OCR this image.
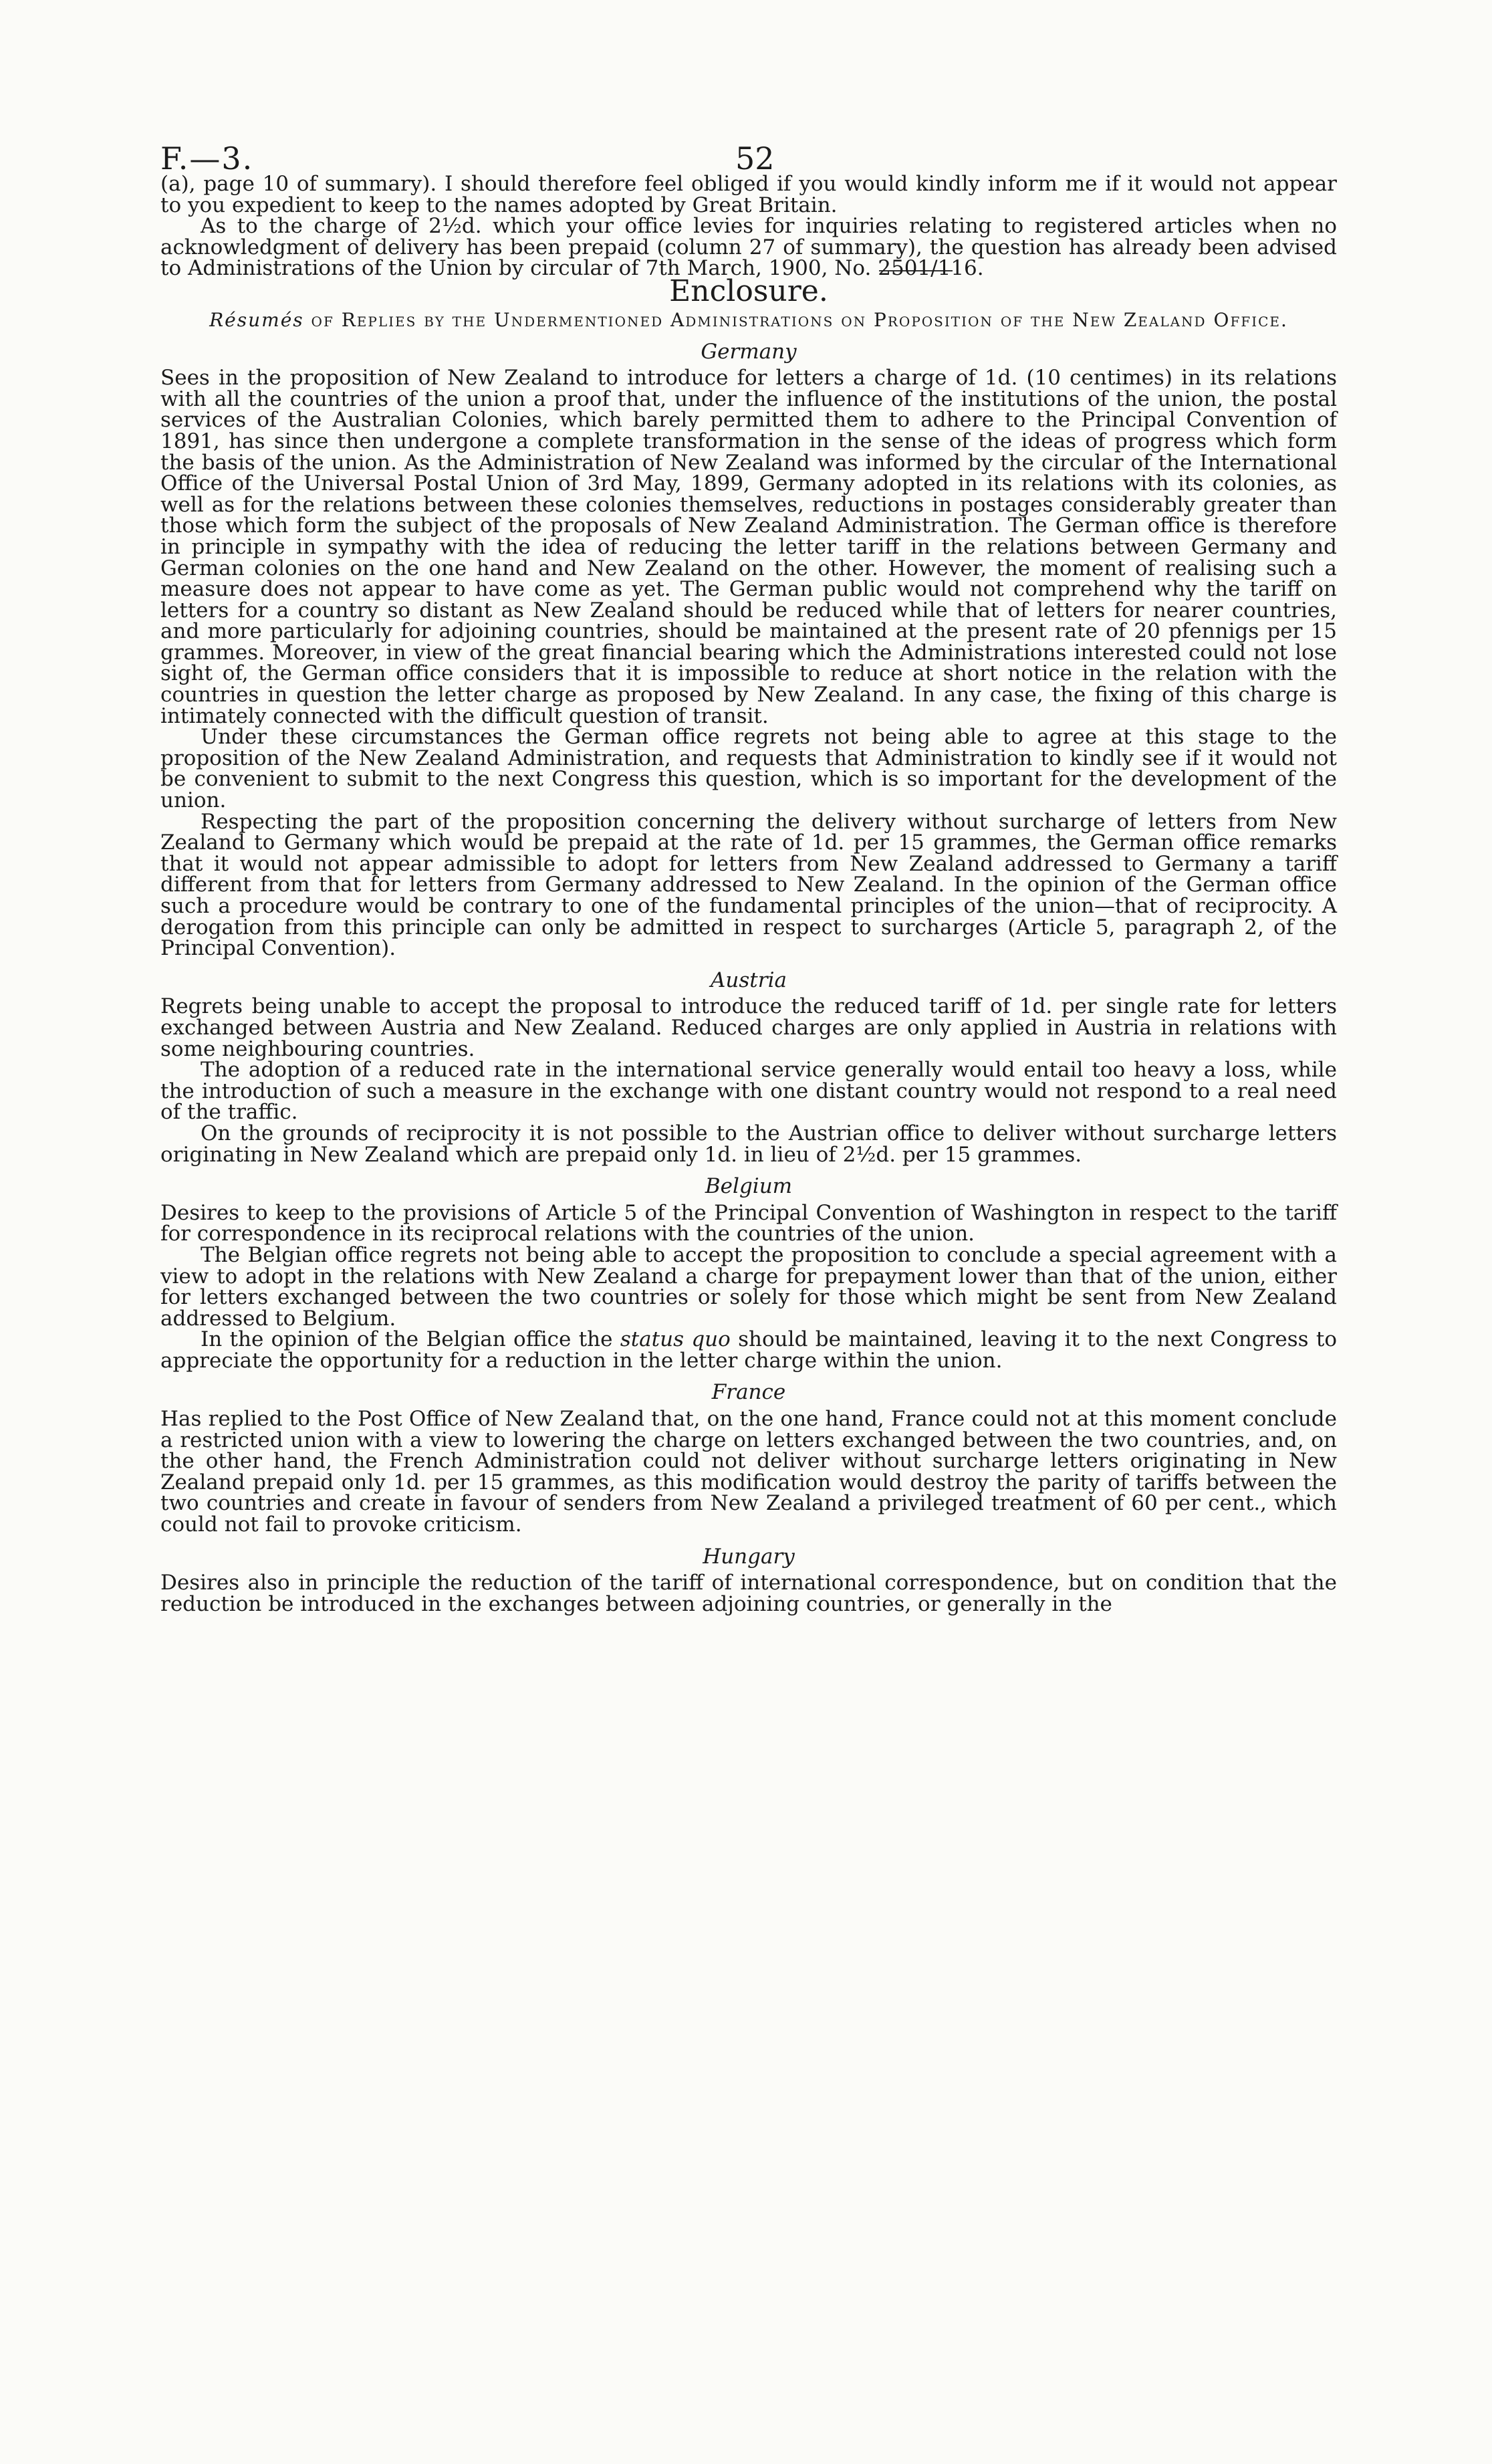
F.—3.	52

(a), page 10 of summary). I should therefore feel obliged if you would kindly inform me if it would not appear to you expedient to keep to the names adopted by Great Britain.

As to the charge of 2½d. which your office levies for inquiries relating to registered articles when no acknowledgment of delivery has been prepaid (column 27 of summary), the question has already been advised to Administrations of the Union by circular of 7th March, 1900, No. 2501/116.

Enclosure.
Résumés of Replies by the Undermentioned Administrations on Proposition of the New Zealand Office.
Germany

Sees in the proposition of New Zealand to introduce for letters a charge of 1d. (10 centimes) in its relations with all the countries of the union a proof that, under the influence of the institutions of the union, the postal services of the Australian Colonies, which barely permitted them to adhere to the Principal Convention of 1891, has since then undergone a complete transformation in the sense of the ideas of progress which form the basis of the union. As the Administration of New Zealand was informed by the circular of the International Office of the Universal Postal Union of 3rd May, 1899, Germany adopted in its relations with its colonies, as well as for the relations between these colonies themselves, reductions in postages considerably greater than those which form the subject of the proposals of New Zealand Administration. The German office is therefore in principle in sympathy with the idea of reducing the letter tariff in the relations between Germany and German colonies on the one hand and New Zealand on the other. However, the moment of realising such a measure does not appear to have come as yet. The German public would not comprehend why the tariff on letters for a country so distant as New Zealand should be reduced while that of letters for nearer countries, and more particularly for adjoining countries, should be maintained at the present rate of 20 pfennigs per 15 grammes. Moreover, in view of the great financial bearing which the Administrations interested could not lose sight of, the German office considers that it is impossible to reduce at short notice in the relation with the countries in question the letter charge as proposed by New Zealand. In any case, the fixing of this charge is intimately connected with the difficult question of transit.

Under these circumstances the German office regrets not being able to agree at this stage to the proposition of the New Zealand Administration, and requests that Administration to kindly see if it would not be convenient to submit to the next Congress this question, which is so important for the development of the union.

Respecting the part of the proposition concerning the delivery without surcharge of letters from New Zealand to Germany which would be prepaid at the rate of 1d. per 15 grammes, the German office remarks that it would not appear admissible to adopt for letters from New Zealand addressed to Germany a tariff different from that for letters from Germany addressed to New Zealand. In the opinion of the German office such a procedure would be contrary to one of the fundamental principles of the union—that of reciprocity. A derogation from this principle can only be admitted in respect to surcharges (Article 5, paragraph 2, of the Principal Convention).

Austria

Regrets being unable to accept the proposal to introduce the reduced tariff of 1d. per single rate for letters exchanged between Austria and New Zealand. Reduced charges are only applied in Austria in relations with some neighbouring countries.

The adoption of a reduced rate in the international service generally would entail too heavy a loss, while the introduction of such a measure in the exchange with one distant country would not respond to a real need of the traffic.

On the grounds of reciprocity it is not possible to the Austrian office to deliver without surcharge letters originating in New Zealand which are prepaid only 1d. in lieu of 2½d. per 15 grammes.

Belgium

Desires to keep to the provisions of Article 5 of the Principal Convention of Washington in respect to the tariff for correspondence in its reciprocal relations with the countries of the union.

The Belgian office regrets not being able to accept the proposition to conclude a special agreement with a view to adopt in the relations with New Zealand a charge for prepayment lower than that of the union, either for letters exchanged between the two countries or solely for those which might be sent from New Zealand addressed to Belgium.

In the opinion of the Belgian office the status quo should be maintained, leaving it to the next Congress to appreciate the opportunity for a reduction in the letter charge within the union.

France

Has replied to the Post Office of New Zealand that, on the one hand, France could not at this moment conclude a restricted union with a view to lowering the charge on letters exchanged between the two countries, and, on the other hand, the French Administration could not deliver without surcharge letters originating in New Zealand prepaid only 1d. per 15 grammes, as this modification would destroy the parity of tariffs between the two countries and create in favour of senders from New Zealand a privileged treatment of 60 per cent., which could not fail to provoke criticism.

Hungary

Desires also in principle the reduction of the tariff of international correspondence, but on condition that the reduction be introduced in the exchanges between adjoining countries, or generally in the
